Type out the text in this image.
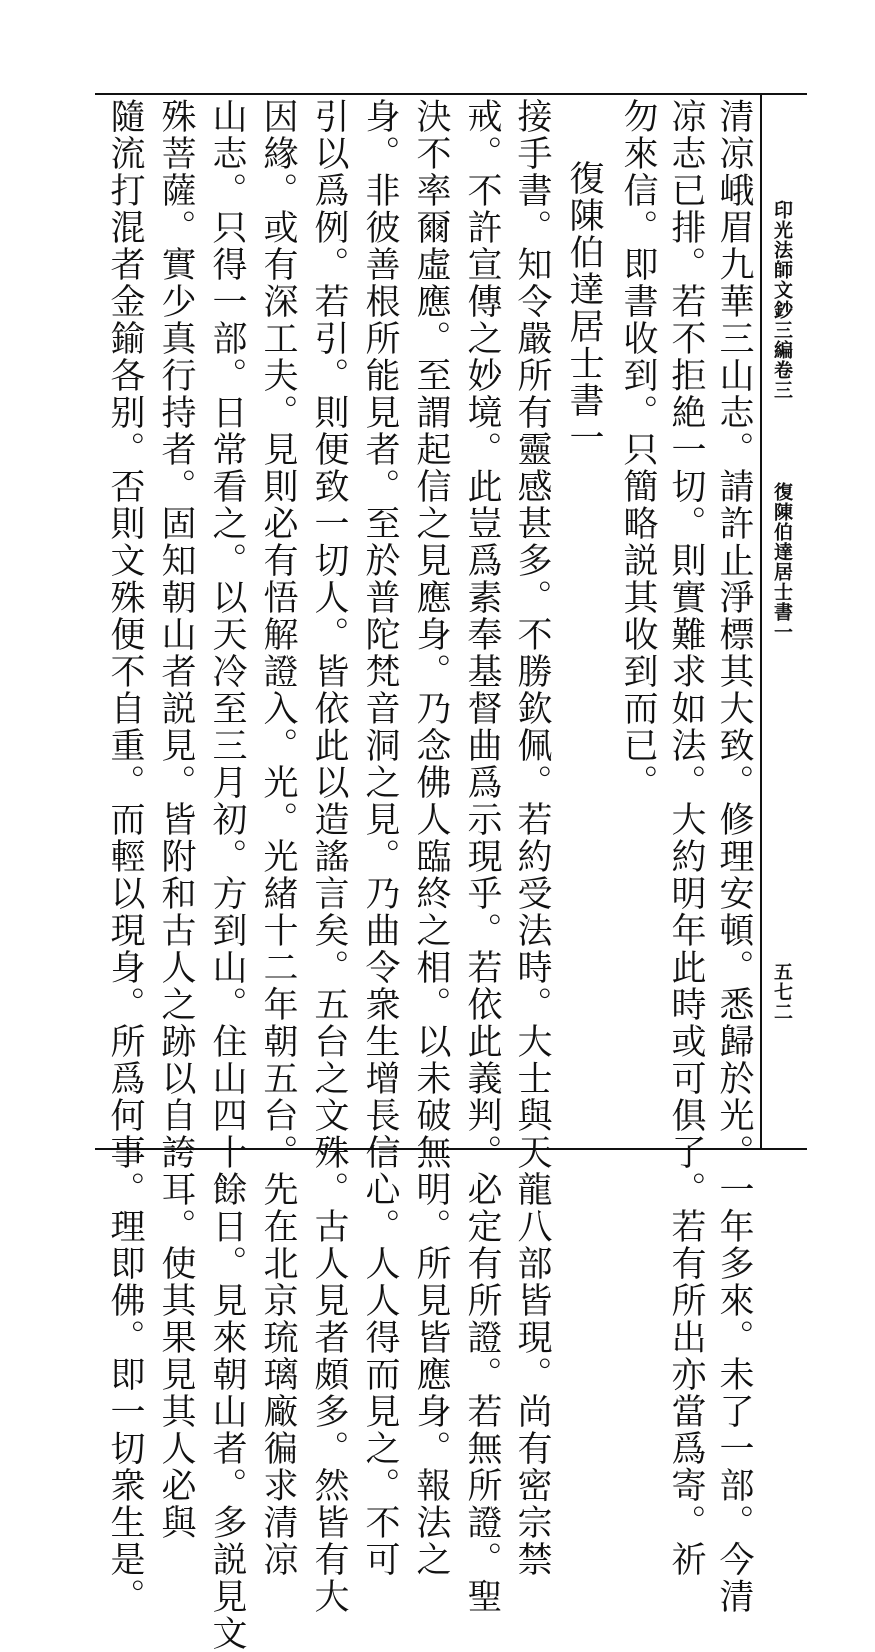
印光法師文鈔三編卷三
復陳伯達居士書一
五七二
清凉峨眉九華三山志。請許止淨標其大致。修理安頓。悉歸於光。一年多來。未了一部。今清
凉志已排。若不拒絶一切。則實難求如法。大約明年此時或可俱了。若有所出亦當爲寄。祈
勿來信。即書收到。只簡略説其收到而已。
復陳伯達居士書一
接手書。知令嚴所有靈感甚多。不勝欽佩。若約受法時。大士與天龍八部皆現。尚有密宗禁
戒。不許宣傳之妙境。此豈爲素奉基督曲爲示現乎。若依此義判。必定有所證。若無所證。聖
決不率爾虛應。至謂起信之見應身。乃念佛人臨終之相。以未破無明。所見皆應身。報法之
身。非彼善根所能見者。至於普陀梵音洞之見。乃曲令衆生增長信心。人人得而見之。不可
引以爲例。若引。則便致一切人。皆依此以造謠言矣。五台之文殊。古人見者頗多。然皆有大
因緣。或有深工夫。見則必有悟解證入。光。光緒十二年朝五台。先在北京琉璃廠徧求清凉
山志。只得一部。日常看之。以天冷至三月初。方到山。住山四十餘日。見來朝山者。多説見文
殊菩薩。實少真行持者。固知朝山者説見。皆附和古人之跡以自誇耳。使其果見其人必與
隨流打混者金鍮各别。否則文殊便不自重。而輕以現身。所爲何事。理即佛。即一切衆生是。
